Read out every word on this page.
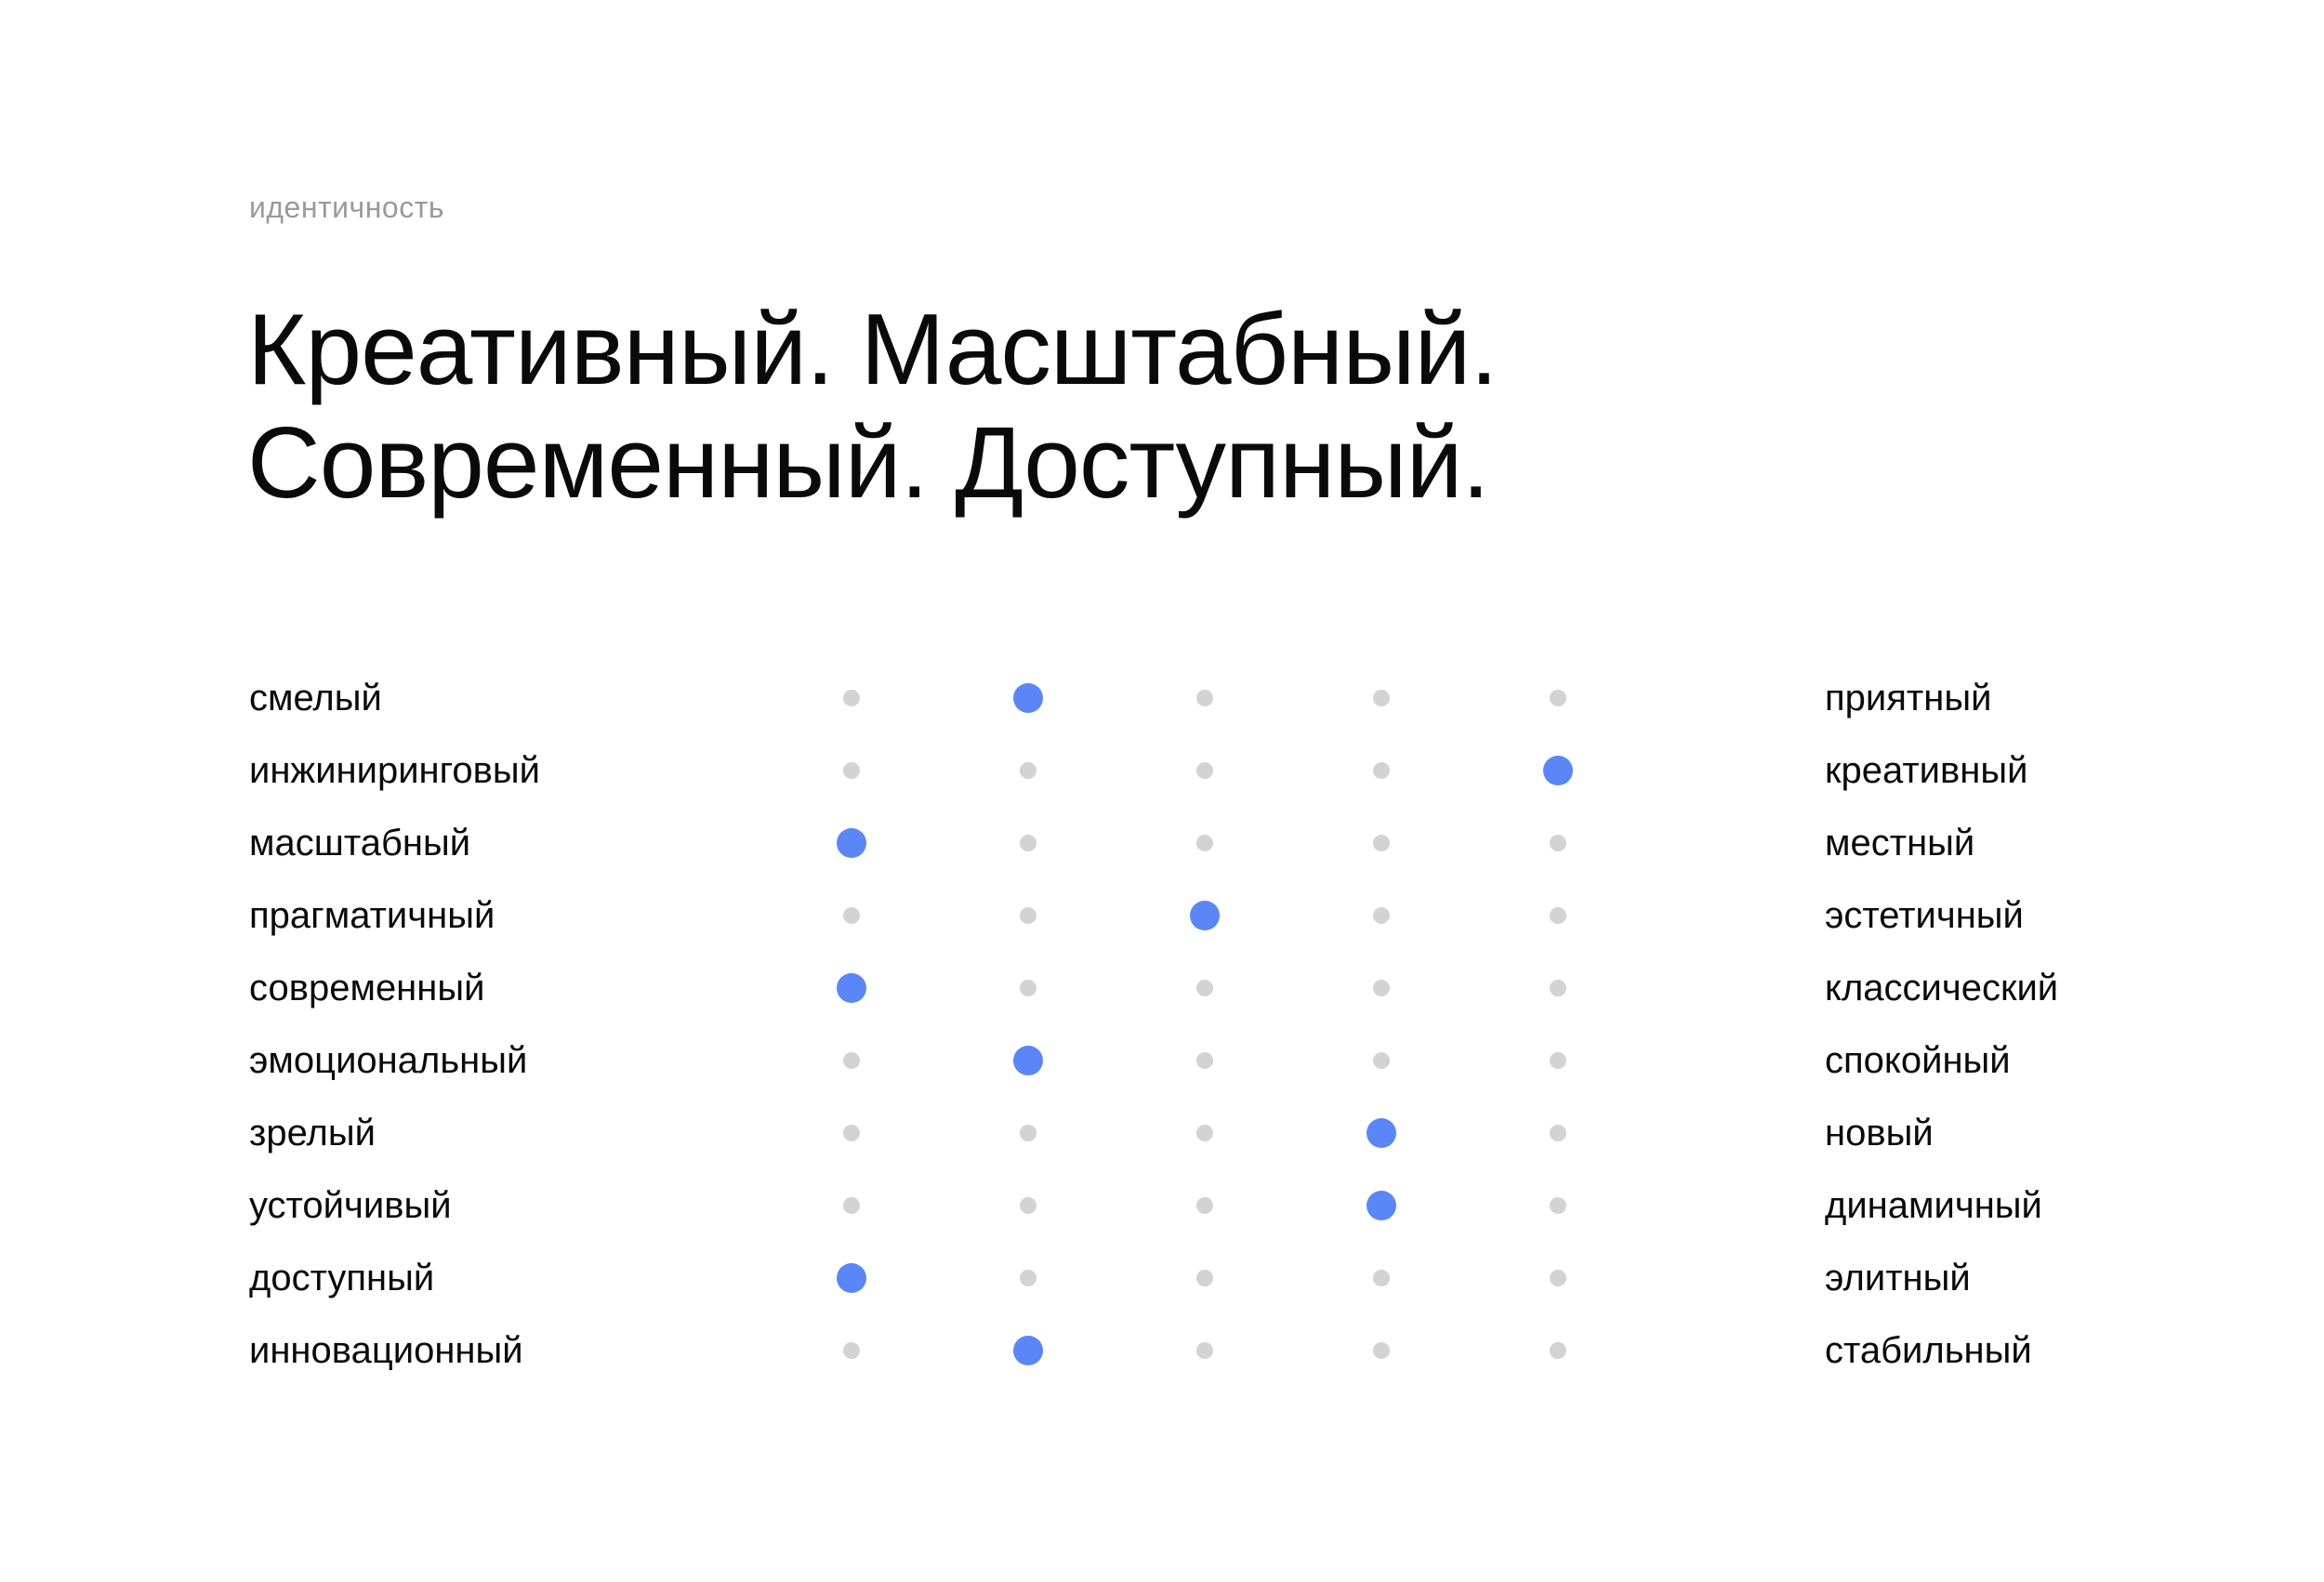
идентичность
Креативный. Масштабный.
Современный. Доступный.
смелый	приятный
инжиниринговый	креативный
масштабный	местный
прагматичный	эстетичный
современный	классический
эмоциональный	спокойный
зрелый	новый
устойчивый	динамичный
доступный	элитный
инновационный	стабильный
